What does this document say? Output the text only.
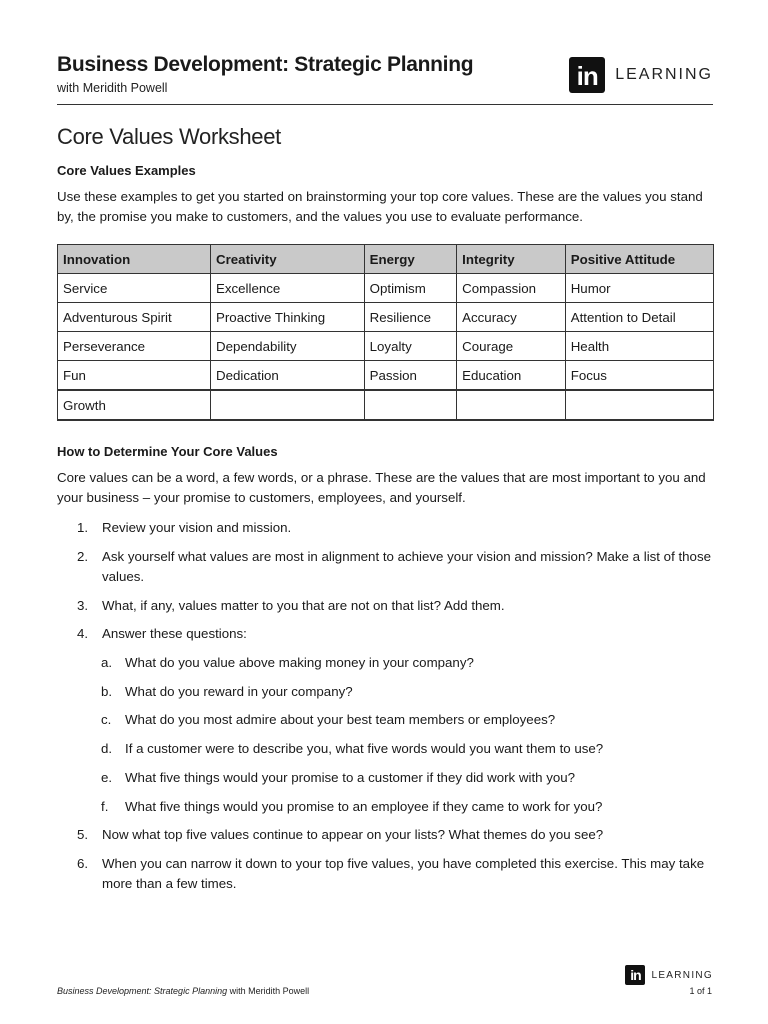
Business Development: Strategic Planning
with Meridith Powell	in	LEARNING
Core Values Worksheet
Core Values Examples
Use these examples to get you started on brainstorming your top core values. These are the values you stand by, the promise you make to customers, and the values you use to evaluate performance.
Innovation	Creativity	Energy	Integrity	Positive Attitude
Service	Excellence	Optimism	Compassion	Humor
Adventurous Spirit	Proactive Thinking	Resilience	Accuracy	Attention to Detail
Perseverance	Dependability	Loyalty	Courage	Health
Fun	Dedication	Passion	Education	Focus
Growth				
How to Determine Your Core Values
Core values can be a word, a few words, or a phrase. These are the values that are most important to you and your business – your promise to customers, employees, and yourself.
1.	Review your vision and mission.
2.	Ask yourself what values are most in alignment to achieve your vision and mission? Make a list of those values.
3.	What, if any, values matter to you that are not on that list? Add them.
4.	Answer these questions:
a. What do you value above making money in your company?
b. What do you reward in your company?
c.	What do you most admire about your best team members or employees?
d. If a customer were to describe you, what five words would you want them to use?
e. What five things would your promise to a customer if they did work with you?
f.	What five things would you promise to an employee if they came to work for you?
5.	Now what top five values continue to appear on your lists? What themes do you see?
6.	When you can narrow it down to your top five values, you have completed this exercise. This may take more than a few times.
in	LEARNING
Business Development: Strategic Planning with Meridith Powell	1 of 1
